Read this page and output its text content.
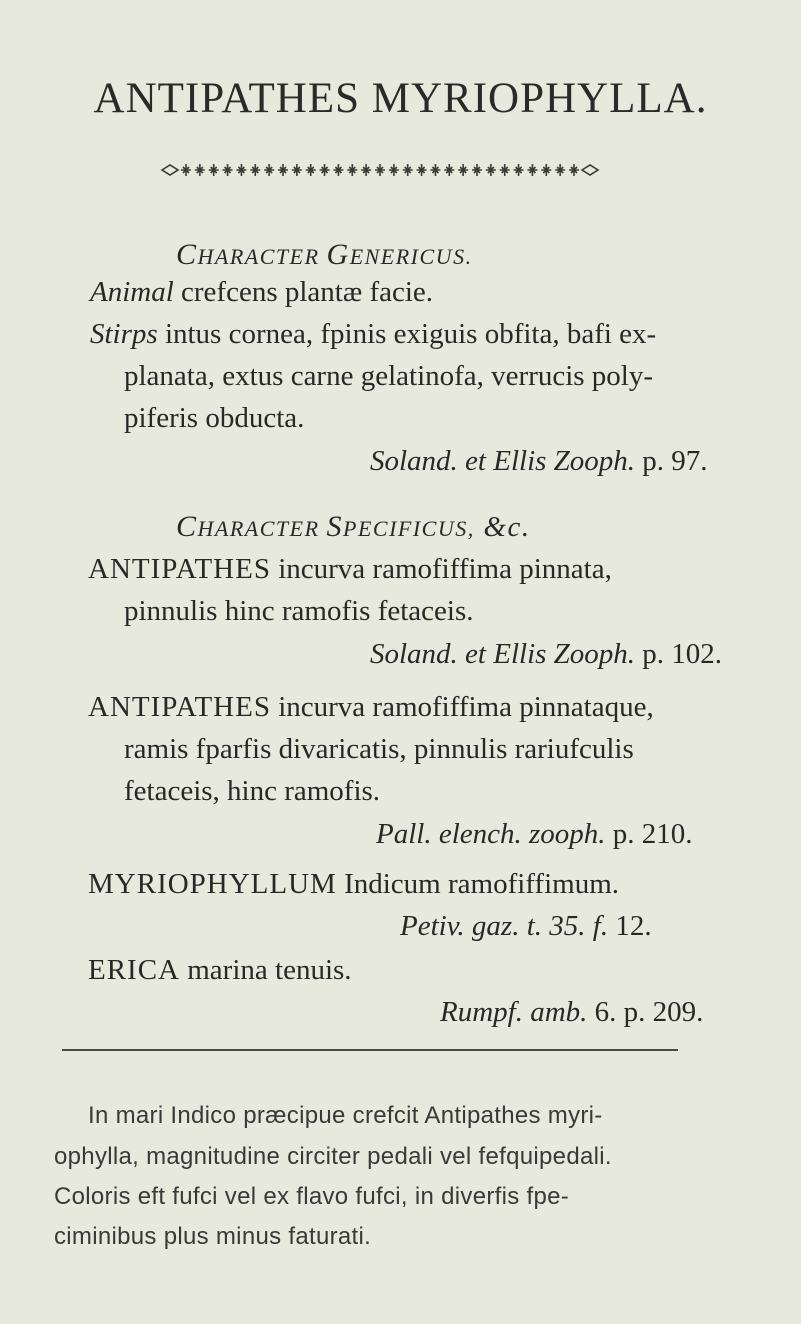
ANTIPATHES MYRIOPHYLLA.
CHARACTER GENERICUS.
Animal crefcens plantæ facie.
Stirps intus cornea, fpinis exiguis obfita, bafi ex-
planata, extus carne gelatinofa, verrucis poly-
piferis obducta.
Soland. et Ellis Zooph. p. 97.
CHARACTER SPECIFICUS, &c.
ANTIPATHES incurva ramofiffima pinnata,
pinnulis hinc ramofis fetaceis.
Soland. et Ellis Zooph. p. 102.
ANTIPATHES incurva ramofiffima pinnataque,
ramis fparfis divaricatis, pinnulis rariufculis
fetaceis, hinc ramofis.
Pall. elench. zooph. p. 210.
MYRIOPHYLLUM Indicum ramofiffimum.
Petiv. gaz. t. 35. f. 12.
ERICA marina tenuis.
Rumpf. amb. 6. p. 209.
In mari Indico præcipue crefcit Antipathes myri-
ophylla, magnitudine circiter pedali vel fefquipedali.
Coloris eft fufci vel ex flavo fufci, in diverfis fpe-
ciminibus plus minus faturati.
